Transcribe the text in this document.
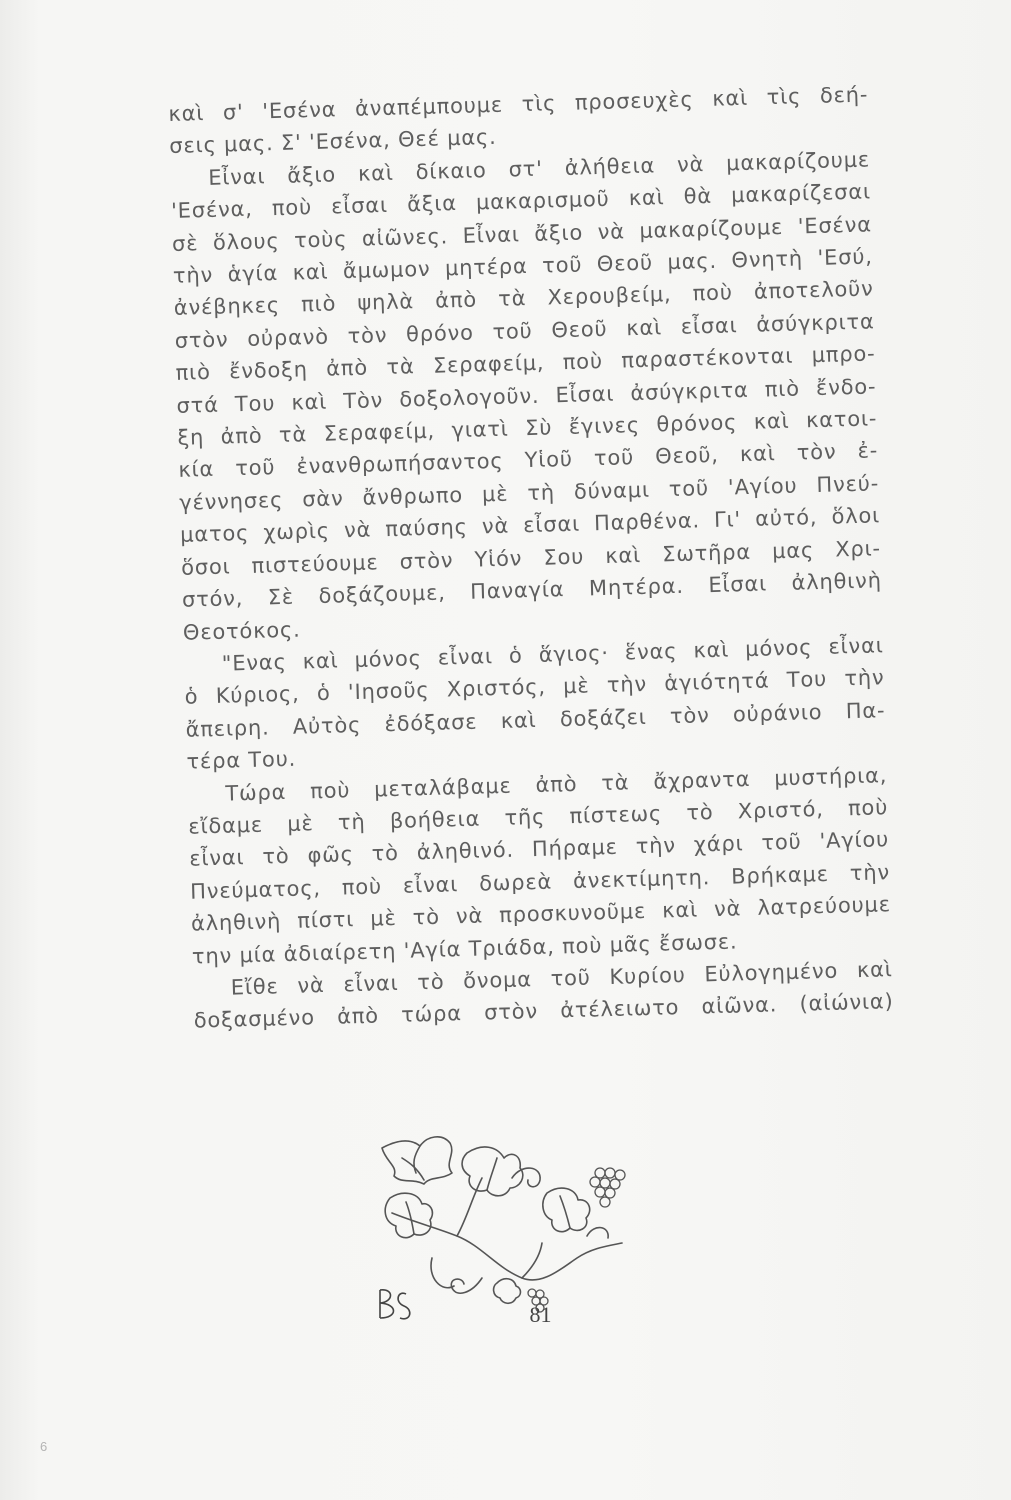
καὶ σ' 'Εσένα ἀναπέμπουμε τὶς προσευχὲς καὶ τὶς δεή-
σεις μας. Σ' 'Εσένα, Θεέ μας.
Εἶναι ἄξιο καὶ δίκαιο στ' ἀλήθεια νὰ μακαρίζουμε
'Εσένα, ποὺ εἶσαι ἄξια μακαρισμοῦ καὶ θὰ μακαρίζεσαι
σὲ ὅλους τοὺς αἰῶνες. Εἶναι ἄξιο νὰ μακαρίζουμε 'Εσένα
τὴν ἁγία καὶ ἄμωμον μητέρα τοῦ Θεοῦ μας. Θνητὴ 'Εσύ,
ἀνέβηκες πιὸ ψηλὰ ἀπὸ τὰ Χερουβείμ, ποὺ ἀποτελοῦν
στὸν οὐρανὸ τὸν θρόνο τοῦ Θεοῦ καὶ εἶσαι ἀσύγκριτα
πιὸ ἔνδοξη ἀπὸ τὰ Σεραφείμ, ποὺ παραστέκονται μπρο-
στά Του καὶ Τὸν δοξολογοῦν. Εἶσαι ἀσύγκριτα πιὸ ἔνδο-
ξη ἀπὸ τὰ Σεραφείμ, γιατὶ Σὺ ἔγινες θρόνος καὶ κατοι-
κία τοῦ ἐνανθρωπήσαντος Υἱοῦ τοῦ Θεοῦ, καὶ τὸν ἐ-
γέννησες σὰν ἄνθρωπο μὲ τὴ δύναμι τοῦ 'Αγίου Πνεύ-
ματος χωρὶς νὰ παύσης νὰ εἶσαι Παρθένα. Γι' αὐτό, ὅλοι
ὅσοι πιστεύουμε στὸν Υἱόν Σου καὶ Σωτῆρα μας Χρι-
στόν, Σὲ δοξάζουμε, Παναγία Μητέρα. Εἶσαι ἀληθινὴ
Θεοτόκος.
"Ενας καὶ μόνος εἶναι ὁ ἅγιος· ἕνας καὶ μόνος εἶναι
ὁ Κύριος, ὁ 'Ιησοῦς Χριστός, μὲ τὴν ἁγιότητά Του τὴν
ἄπειρη. Αὐτὸς ἐδόξασε καὶ δοξάζει τὸν οὐράνιο Πα-
τέρα Του.
Τώρα ποὺ μεταλάβαμε ἀπὸ τὰ ἄχραντα μυστήρια,
εἴδαμε μὲ τὴ βοήθεια τῆς πίστεως τὸ Χριστό, ποὺ
εἶναι τὸ φῶς τὸ ἀληθινό. Πήραμε τὴν χάρι τοῦ 'Αγίου
Πνεύματος, ποὺ εἶναι δωρεὰ ἀνεκτίμητη. Βρήκαμε τὴν
ἀληθινὴ πίστι μὲ τὸ νὰ προσκυνοῦμε καὶ νὰ λατρεύουμε
την μία ἀδιαίρετη 'Αγία Τριάδα, ποὺ μᾶς ἔσωσε.
Εἴθε νὰ εἶναι τὸ ὄνομα τοῦ Κυρίου Εὐλογημένο καὶ
δοξασμένο ἀπὸ τώρα στὸν ἀτέλειωτο αἰῶνα. (αἰώνια)
81
6
